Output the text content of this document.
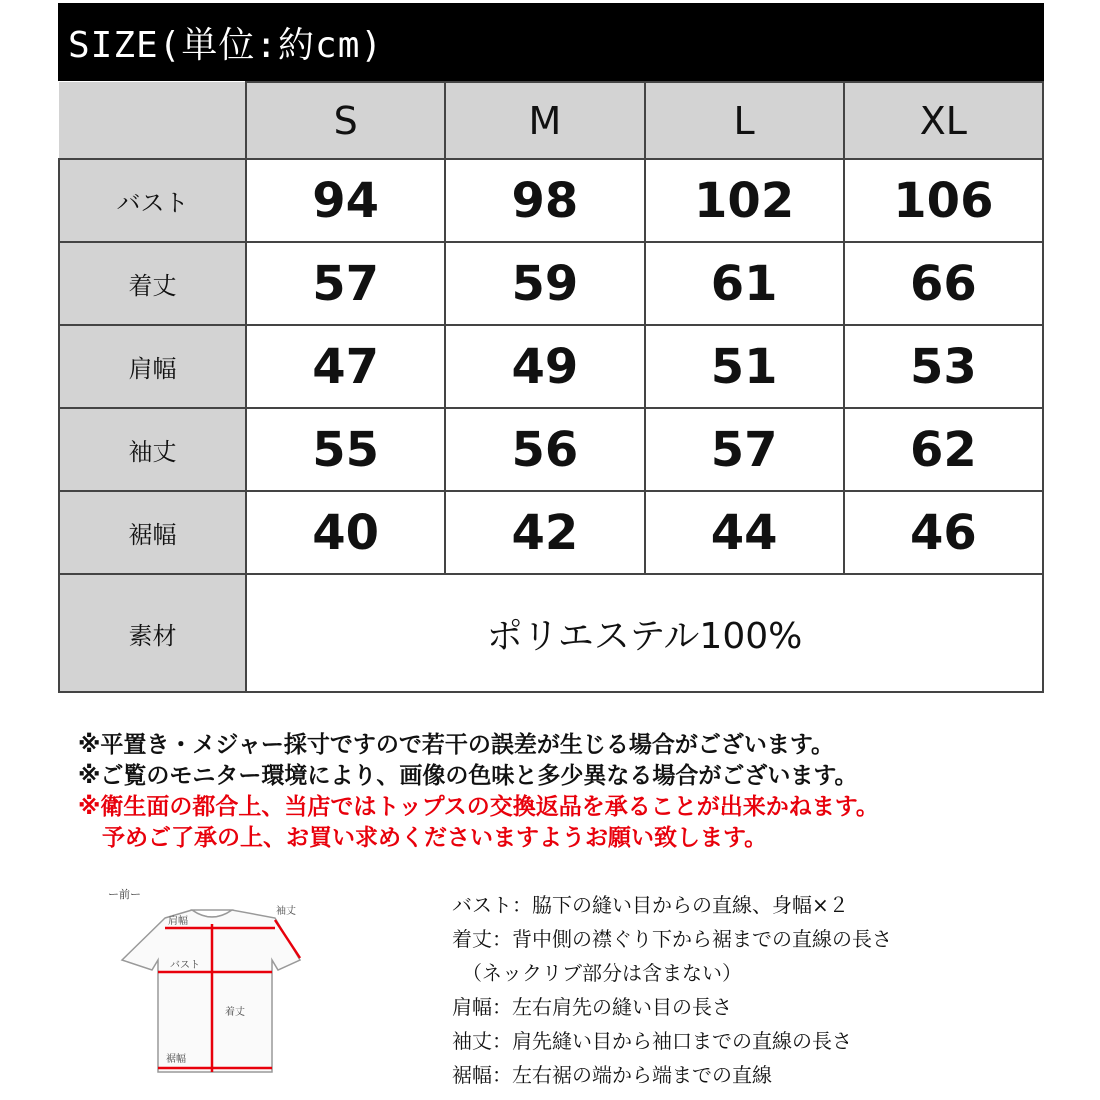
SIZE(単位:約cm)
	S	M	L	XL
バスト	94	98	102	106
着丈	57	59	61	66
肩幅	47	49	51	53
袖丈	55	56	57	62
裾幅	40	42	44	46
素材	ポリエステル100%			
※平置き・メジャー採寸ですので若干の誤差が生じる場合がございます。
※ご覧のモニター環境により、画像の色味と多少異なる場合がございます。
※衛生面の都合上、当店ではトップスの交換返品を承ることが出来かねます。
予めご了承の上、お買い求めくださいますようお願い致します。
ー前ー
肩幅
袖丈
バスト
着丈
裾幅
バスト：脇下の縫い目からの直線、身幅×２
着丈：背中側の襟ぐり下から裾までの直線の長さ
（ネックリブ部分は含まない）
肩幅：左右肩先の縫い目の長さ
袖丈：肩先縫い目から袖口までの直線の長さ
裾幅：左右裾の端から端までの直線
